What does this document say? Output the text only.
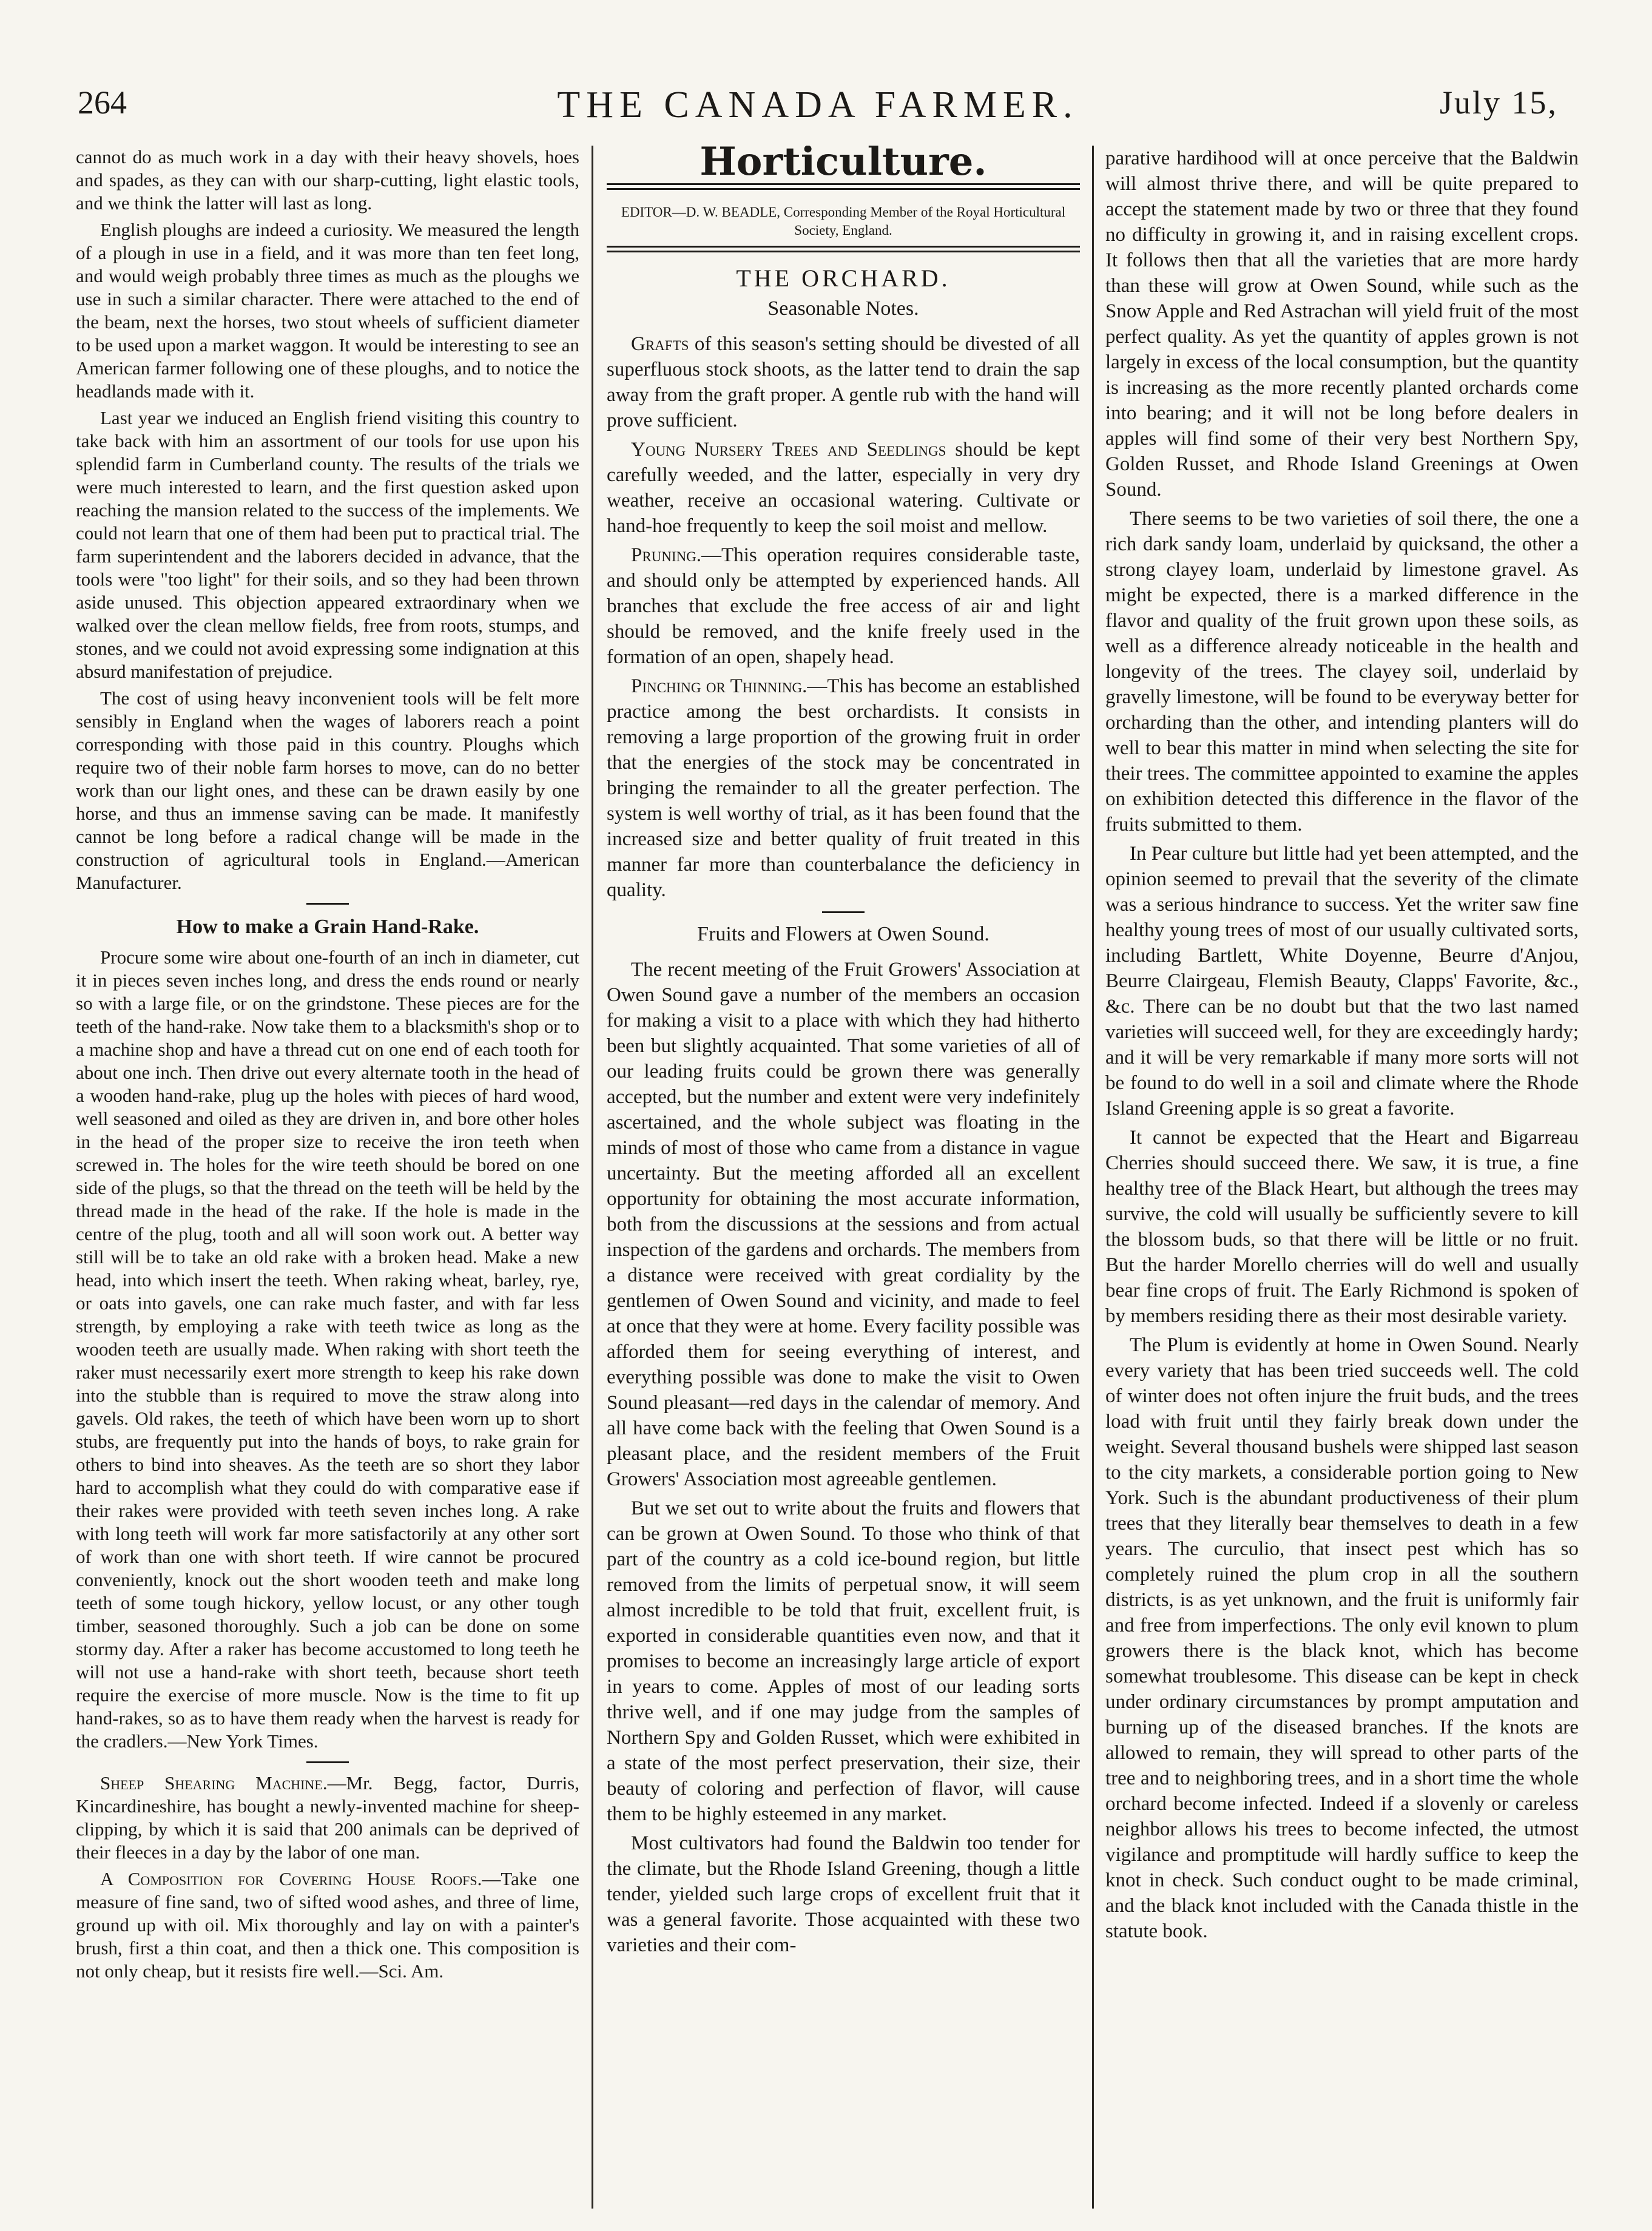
264	THE CANADA FARMER.	July 15,

cannot do as much work in a day with their heavy shovels, hoes and spades, as they can with our sharp-cutting, light elastic tools, and we think the latter will last as long.

English ploughs are indeed a curiosity. We measured the length of a plough in use in a field, and it was more than ten feet long, and would weigh probably three times as much as the ploughs we use in such a similar character. There were attached to the end of the beam, next the horses, two stout wheels of sufficient diameter to be used upon a market waggon. It would be interesting to see an American farmer following one of these ploughs, and to notice the headlands made with it.

Last year we induced an English friend visiting this country to take back with him an assortment of our tools for use upon his splendid farm in Cumberland county. The results of the trials we were much interested to learn, and the first question asked upon reaching the mansion related to the success of the implements. We could not learn that one of them had been put to practical trial. The farm superintendent and the laborers decided in advance, that the tools were "too light" for their soils, and so they had been thrown aside unused. This objection appeared extraordinary when we walked over the clean mellow fields, free from roots, stumps, and stones, and we could not avoid expressing some indignation at this absurd manifestation of prejudice.

The cost of using heavy inconvenient tools will be felt more sensibly in England when the wages of laborers reach a point corresponding with those paid in this country. Ploughs which require two of their noble farm horses to move, can do no better work than our light ones, and these can be drawn easily by one horse, and thus an immense saving can be made. It manifestly cannot be long before a radical change will be made in the construction of agricultural tools in England.—American Manufacturer.

How to make a Grain Hand-Rake.

Procure some wire about one-fourth of an inch in diameter, cut it in pieces seven inches long, and dress the ends round or nearly so with a large file, or on the grindstone. These pieces are for the teeth of the hand-rake. Now take them to a blacksmith's shop or to a machine shop and have a thread cut on one end of each tooth for about one inch. Then drive out every alternate tooth in the head of a wooden hand-rake, plug up the holes with pieces of hard wood, well seasoned and oiled as they are driven in, and bore other holes in the head of the proper size to receive the iron teeth when screwed in. The holes for the wire teeth should be bored on one side of the plugs, so that the thread on the teeth will be held by the thread made in the head of the rake. If the hole is made in the centre of the plug, tooth and all will soon work out. A better way still will be to take an old rake with a broken head. Make a new head, into which insert the teeth. When raking wheat, barley, rye, or oats into gavels, one can rake much faster, and with far less strength, by employing a rake with teeth twice as long as the wooden teeth are usually made. When raking with short teeth the raker must necessarily exert more strength to keep his rake down into the stubble than is required to move the straw along into gavels. Old rakes, the teeth of which have been worn up to short stubs, are frequently put into the hands of boys, to rake grain for others to bind into sheaves. As the teeth are so short they labor hard to accomplish what they could do with comparative ease if their rakes were provided with teeth seven inches long. A rake with long teeth will work far more satisfactorily at any other sort of work than one with short teeth. If wire cannot be procured conveniently, knock out the short wooden teeth and make long teeth of some tough hickory, yellow locust, or any other tough timber, seasoned thoroughly. Such a job can be done on some stormy day. After a raker has become accustomed to long teeth he will not use a hand-rake with short teeth, because short teeth require the exercise of more muscle. Now is the time to fit up hand-rakes, so as to have them ready when the harvest is ready for the cradlers.—New York Times.

Sheep Shearing Machine.—Mr. Begg, factor, Durris, Kincardineshire, has bought a newly-invented machine for sheep-clipping, by which it is said that 200 animals can be deprived of their fleeces in a day by the labor of one man.

A Composition for Covering House Roofs.—Take one measure of fine sand, two of sifted wood ashes, and three of lime, ground up with oil. Mix thoroughly and lay on with a painter's brush, first a thin coat, and then a thick one. This composition is not only cheap, but it resists fire well.—Sci. Am.

Horticulture.
EDITOR—D. W. BEADLE, Corresponding Member of the Royal Horticultural Society, England.
THE ORCHARD.
Seasonable Notes.

Grafts of this season's setting should be divested of all superfluous stock shoots, as the latter tend to drain the sap away from the graft proper. A gentle rub with the hand will prove sufficient.

Young Nursery Trees and Seedlings should be kept carefully weeded, and the latter, especially in very dry weather, receive an occasional watering. Cultivate or hand-hoe frequently to keep the soil moist and mellow.

Pruning.—This operation requires considerable taste, and should only be attempted by experienced hands. All branches that exclude the free access of air and light should be removed, and the knife freely used in the formation of an open, shapely head.

Pinching or Thinning.—This has become an established practice among the best orchardists. It consists in removing a large proportion of the growing fruit in order that the energies of the stock may be concentrated in bringing the remainder to all the greater perfection. The system is well worthy of trial, as it has been found that the increased size and better quality of fruit treated in this manner far more than counterbalance the deficiency in quality.

Fruits and Flowers at Owen Sound.

The recent meeting of the Fruit Growers' Association at Owen Sound gave a number of the members an occasion for making a visit to a place with which they had hitherto been but slightly acquainted. That some varieties of all of our leading fruits could be grown there was generally accepted, but the number and extent were very indefinitely ascertained, and the whole subject was floating in the minds of most of those who came from a distance in vague uncertainty. But the meeting afforded all an excellent opportunity for obtaining the most accurate information, both from the discussions at the sessions and from actual inspection of the gardens and orchards. The members from a distance were received with great cordiality by the gentlemen of Owen Sound and vicinity, and made to feel at once that they were at home. Every facility possible was afforded them for seeing everything of interest, and everything possible was done to make the visit to Owen Sound pleasant—red days in the calendar of memory. And all have come back with the feeling that Owen Sound is a pleasant place, and the resident members of the Fruit Growers' Association most agreeable gentlemen.

But we set out to write about the fruits and flowers that can be grown at Owen Sound. To those who think of that part of the country as a cold ice-bound region, but little removed from the limits of perpetual snow, it will seem almost incredible to be told that fruit, excellent fruit, is exported in considerable quantities even now, and that it promises to become an increasingly large article of export in years to come. Apples of most of our leading sorts thrive well, and if one may judge from the samples of Northern Spy and Golden Russet, which were exhibited in a state of the most perfect preservation, their size, their beauty of coloring and perfection of flavor, will cause them to be highly esteemed in any market.

Most cultivators had found the Baldwin too tender for the climate, but the Rhode Island Greening, though a little tender, yielded such large crops of excellent fruit that it was a general favorite. Those acquainted with these two varieties and their com-

parative hardihood will at once perceive that the Baldwin will almost thrive there, and will be quite prepared to accept the statement made by two or three that they found no difficulty in growing it, and in raising excellent crops. It follows then that all the varieties that are more hardy than these will grow at Owen Sound, while such as the Snow Apple and Red Astrachan will yield fruit of the most perfect quality. As yet the quantity of apples grown is not largely in excess of the local consumption, but the quantity is increasing as the more recently planted orchards come into bearing; and it will not be long before dealers in apples will find some of their very best Northern Spy, Golden Russet, and Rhode Island Greenings at Owen Sound.

There seems to be two varieties of soil there, the one a rich dark sandy loam, underlaid by quicksand, the other a strong clayey loam, underlaid by limestone gravel. As might be expected, there is a marked difference in the flavor and quality of the fruit grown upon these soils, as well as a difference already noticeable in the health and longevity of the trees. The clayey soil, underlaid by gravelly limestone, will be found to be everyway better for orcharding than the other, and intending planters will do well to bear this matter in mind when selecting the site for their trees. The committee appointed to examine the apples on exhibition detected this difference in the flavor of the fruits submitted to them.

In Pear culture but little had yet been attempted, and the opinion seemed to prevail that the severity of the climate was a serious hindrance to success. Yet the writer saw fine healthy young trees of most of our usually cultivated sorts, including Bartlett, White Doyenne, Beurre d'Anjou, Beurre Clairgeau, Flemish Beauty, Clapps' Favorite, &c., &c. There can be no doubt but that the two last named varieties will succeed well, for they are exceedingly hardy; and it will be very remarkable if many more sorts will not be found to do well in a soil and climate where the Rhode Island Greening apple is so great a favorite.

It cannot be expected that the Heart and Bigarreau Cherries should succeed there. We saw, it is true, a fine healthy tree of the Black Heart, but although the trees may survive, the cold will usually be sufficiently severe to kill the blossom buds, so that there will be little or no fruit. But the harder Morello cherries will do well and usually bear fine crops of fruit. The Early Richmond is spoken of by members residing there as their most desirable variety.

The Plum is evidently at home in Owen Sound. Nearly every variety that has been tried succeeds well. The cold of winter does not often injure the fruit buds, and the trees load with fruit until they fairly break down under the weight. Several thousand bushels were shipped last season to the city markets, a considerable portion going to New York. Such is the abundant productiveness of their plum trees that they literally bear themselves to death in a few years. The curculio, that insect pest which has so completely ruined the plum crop in all the southern districts, is as yet unknown, and the fruit is uniformly fair and free from imperfections. The only evil known to plum growers there is the black knot, which has become somewhat troublesome. This disease can be kept in check under ordinary circumstances by prompt amputation and burning up of the diseased branches. If the knots are allowed to remain, they will spread to other parts of the tree and to neighboring trees, and in a short time the whole orchard become infected. Indeed if a slovenly or careless neighbor allows his trees to become infected, the utmost vigilance and promptitude will hardly suffice to keep the knot in check. Such conduct ought to be made criminal, and the black knot included with the Canada thistle in the statute book.
